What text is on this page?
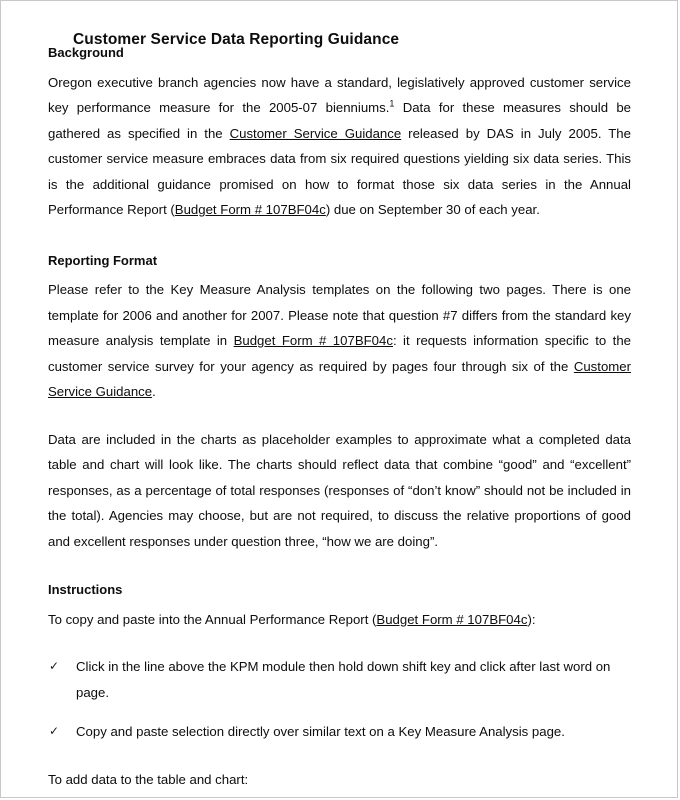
Customer Service Data Reporting Guidance
Background

Oregon executive branch agencies now have a standard, legislatively approved customer service key performance measure for the 2005-07 bienniums.$^1$ Data for these measures should be gathered as specified in the Customer Service Guidance released by DAS in July 2005. The customer service measure embraces data from six required questions yielding six data series. This is the additional guidance promised on how to format those six data series in the Annual Performance Report (Budget Form # 107BF04c) due on September 30 of each year.

Reporting Format

Please refer to the Key Measure Analysis templates on the following two pages. There is one template for 2006 and another for 2007. Please note that question #7 differs from the standard key measure analysis template in Budget Form # 107BF04c: it requests information specific to the customer service survey for your agency as required by pages four through six of the Customer Service Guidance.

Data are included in the charts as placeholder examples to approximate what a completed data table and chart will look like. The charts should reflect data that combine “good” and “excellent” responses, as a percentage of total responses (responses of “don’t know” should not be included in the total). Agencies may choose, but are not required, to discuss the relative proportions of good and excellent responses under question three, “how we are doing”.

Instructions

To copy and paste into the Annual Performance Report (Budget Form # 107BF04c):

✓ Click in the line above the KPM module then hold down shift key and click after last word on page.
✓ Copy and paste selection directly over similar text on a Key Measure Analysis page.

To add data to the table and chart:
